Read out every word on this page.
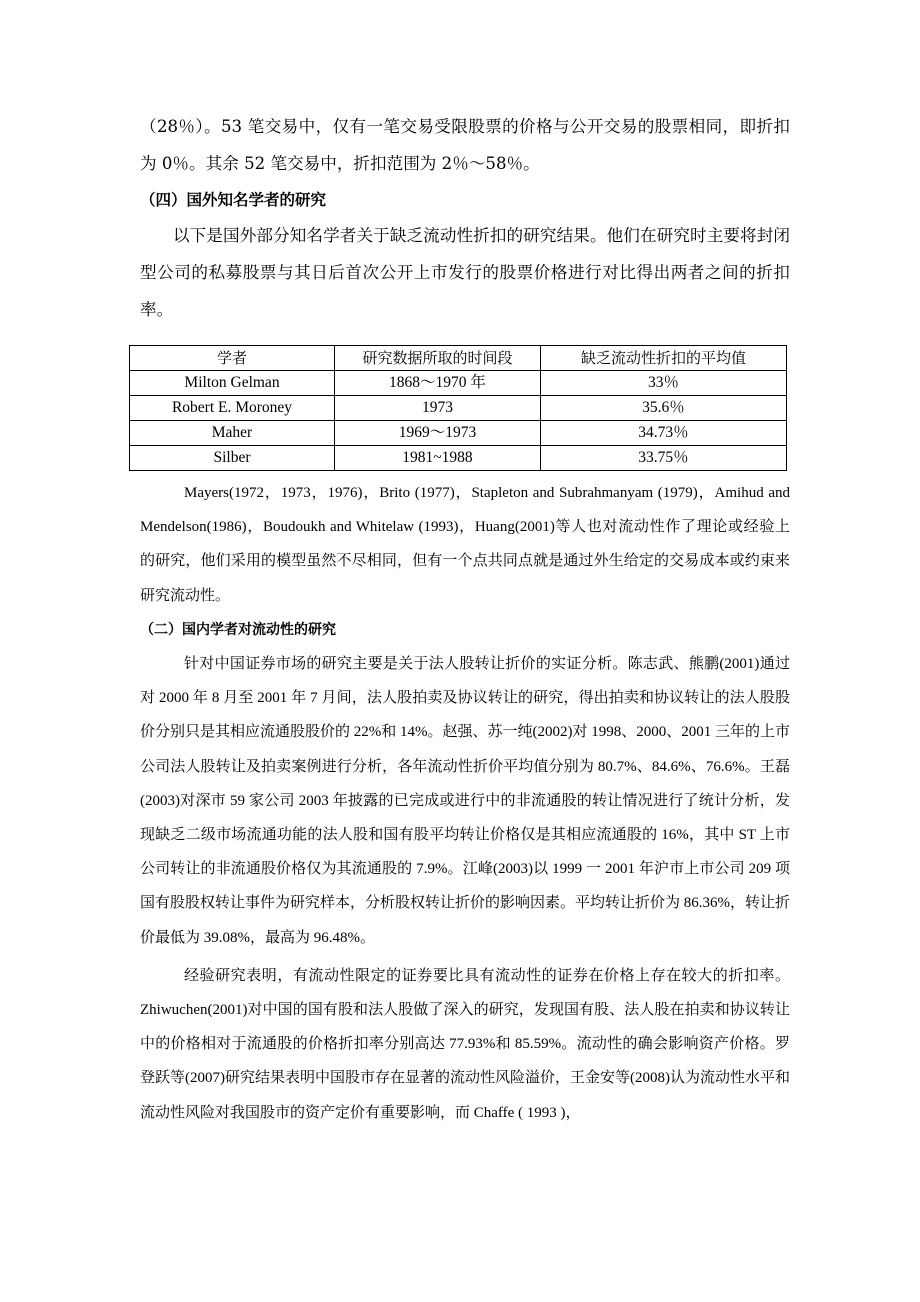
（28％）。53 笔交易中，仅有一笔交易受限股票的价格与公开交易的股票相同，即折扣为 0％。其余 52 笔交易中，折扣范围为 2％～58％。

（四）国外知名学者的研究

以下是国外部分知名学者关于缺乏流动性折扣的研究结果。他们在研究时主要将封闭型公司的私募股票与其日后首次公开上市发行的股票价格进行对比得出两者之间的折扣率。

学者	研究数据所取的时间段	缺乏流动性折扣的平均值
Milton Gelman	1868～1970 年	33％
Robert E. Moroney	1973	35.6％
Maher	1969～1973	34.73％
Silber	1981~1988	33.75％

Mayers(1972，1973，1976)，Brito (1977)，Stapleton and Subrahmanyam (1979)，Amihud and Mendelson(1986)，Boudoukh and Whitelaw (1993)，Huang(2001)等人也对流动性作了理论或经验上的研究，他们采用的模型虽然不尽相同，但有一个点共同点就是通过外生给定的交易成本或约束来研究流动性。

（二）国内学者对流动性的研究

针对中国证券市场的研究主要是关于法人股转让折价的实证分析。陈志武、熊鹏(2001)通过对 2000 年 8 月至 2001 年 7 月间，法人股拍卖及协议转让的研究，得出拍卖和协议转让的法人股股价分别只是其相应流通股股价的 22%和 14%。赵强、苏一纯(2002)对 1998、2000、2001 三年的上市公司法人股转让及拍卖案例进行分析，各年流动性折价平均值分别为 80.7%、84.6%、76.6%。王磊(2003)对深市 59 家公司 2003 年披露的已完成或进行中的非流通股的转让情况进行了统计分析，发现缺乏二级市场流通功能的法人股和国有股平均转让价格仅是其相应流通股的 16%，其中 ST 上市公司转让的非流通股价格仅为其流通股的 7.9%。江峰(2003)以 1999 一 2001 年沪市上市公司 209 项国有股股权转让事件为研究样本，分析股权转让折价的影响因素。平均转让折价为 86.36%，转让折价最低为 39.08%，最高为 96.48%。

经验研究表明，有流动性限定的证券要比具有流动性的证券在价格上存在较大的折扣率。Zhiwuchen(2001)对中国的国有股和法人股做了深入的研究，发现国有股、法人股在拍卖和协议转让中的价格相对于流通股的价格折扣率分别高达 77.93%和 85.59%。流动性的确会影响资产价格。罗登跃等(2007)研究结果表明中国股市存在显著的流动性风险溢价，王金安等(2008)认为流动性水平和流动性风险对我国股市的资产定价有重要影响，而 Chaffe ( 1993 )，
